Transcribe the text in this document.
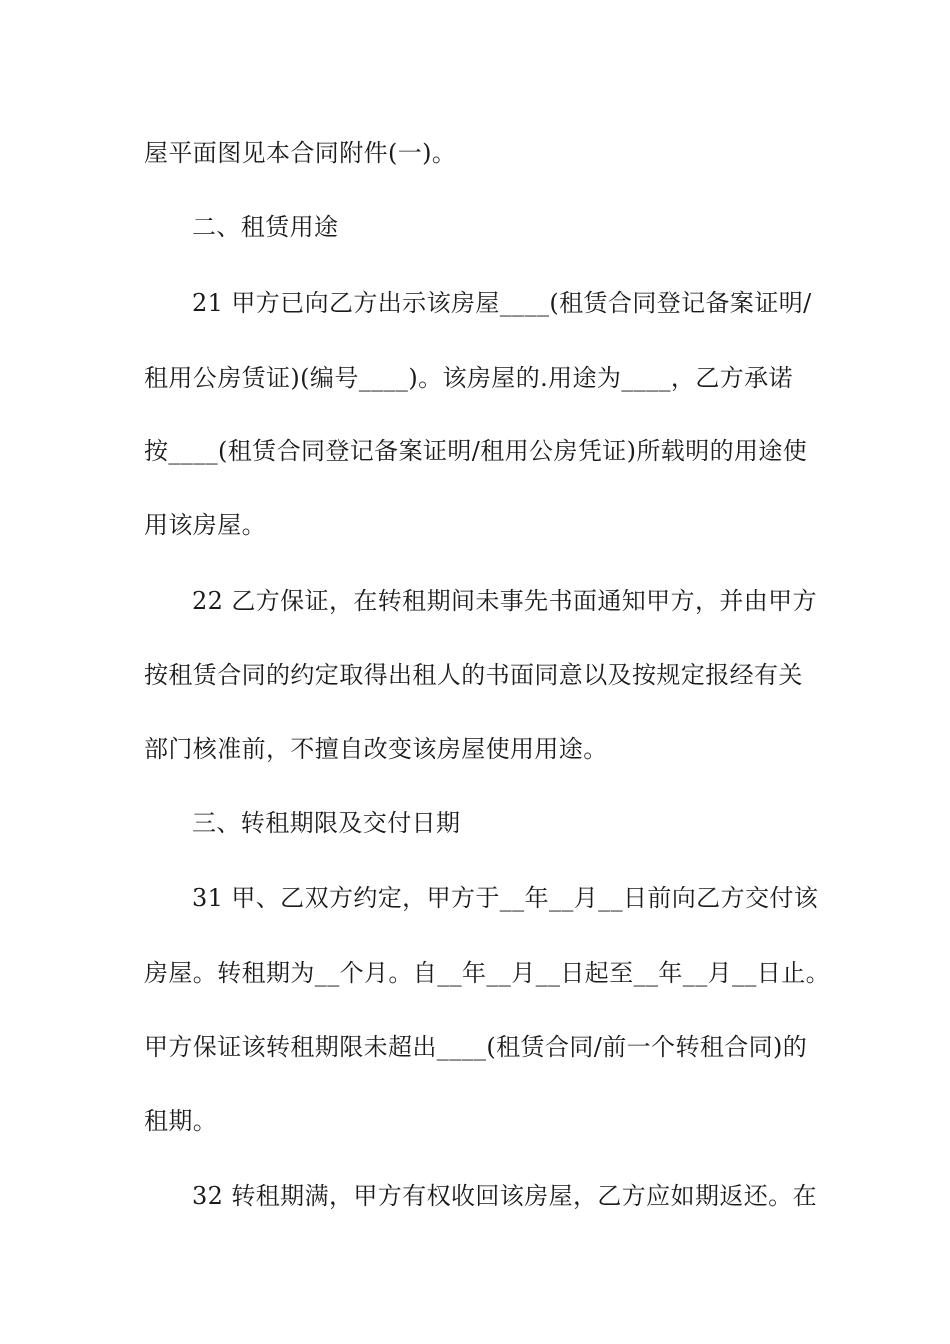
屋平面图见本合同附件(一)。

二、租赁用途

21 甲方已向乙方出示该房屋____(租赁合同登记备案证明/

租用公房赁证)(编号____)。该房屋的.用途为____，乙方承诺

按____(租赁合同登记备案证明/租用公房凭证)所载明的用途使

用该房屋。

22 乙方保证，在转租期间未事先书面通知甲方，并由甲方

按租赁合同的约定取得出租人的书面同意以及按规定报经有关

部门核准前，不擅自改变该房屋使用用途。

三、转租期限及交付日期

31 甲、乙双方约定，甲方于__年__月__日前向乙方交付该

房屋。转租期为__个月。自__年__月__日起至__年__月__日止。

甲方保证该转租期限未超出____(租赁合同/前一个转租合同)的

租期。

32 转租期满，甲方有权收回该房屋，乙方应如期返还。在
